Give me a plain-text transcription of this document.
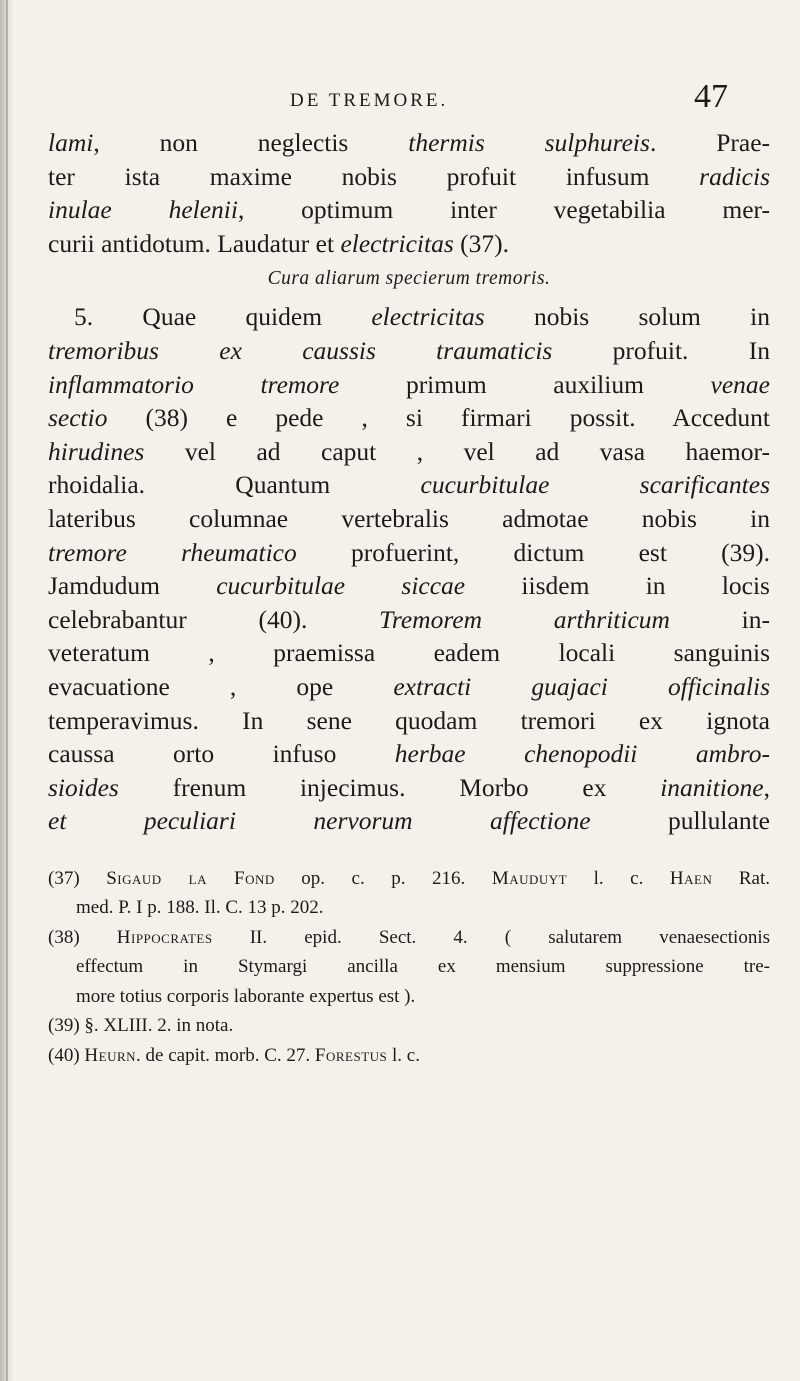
DE TREMORE.	47

lami, non neglectis thermis sulphureis. Prae-
ter ista maxime nobis profuit infusum radicis
inulae helenii, optimum inter vegetabilia mer-
curii antidotum. Laudatur et electricitas (37).

Cura aliarum specierum tremoris.

5. Quae quidem electricitas nobis solum in
tremoribus ex caussis traumaticis profuit. In
inflammatorio tremore primum auxilium venae
sectio (38) e pede , si firmari possit. Accedunt
hirudines vel ad caput , vel ad vasa haemor-
rhoidalia. Quantum cucurbitulae scarificantes
lateribus columnae vertebralis admotae nobis in
tremore rheumatico profuerint, dictum est (39).
Jamdudum cucurbitulae siccae iisdem in locis
celebrabantur (40). Tremorem arthriticum in-
veteratum , praemissa eadem locali sanguinis
evacuatione , ope extracti guajaci officinalis
temperavimus. In sene quodam tremori ex ignota
caussa orto infuso herbae chenopodii ambro-
sioides frenum injecimus. Morbo ex inanitione,
et peculiari nervorum affectione pullulante

(37) Sigaud la Fond op. c. p. 216. Mauduyt l. c. Haen Rat.
med. P. I p. 188. Il. C. 13 p. 202.
(38) Hippocrates II. epid. Sect. 4. ( salutarem venaesectionis
effectum in Stymargi ancilla ex mensium suppressione tre-
more totius corporis laborante expertus est ).
(39) §. XLIII. 2. in nota.
(40) Heurn. de capit. morb. C. 27. Forestus l. c.
